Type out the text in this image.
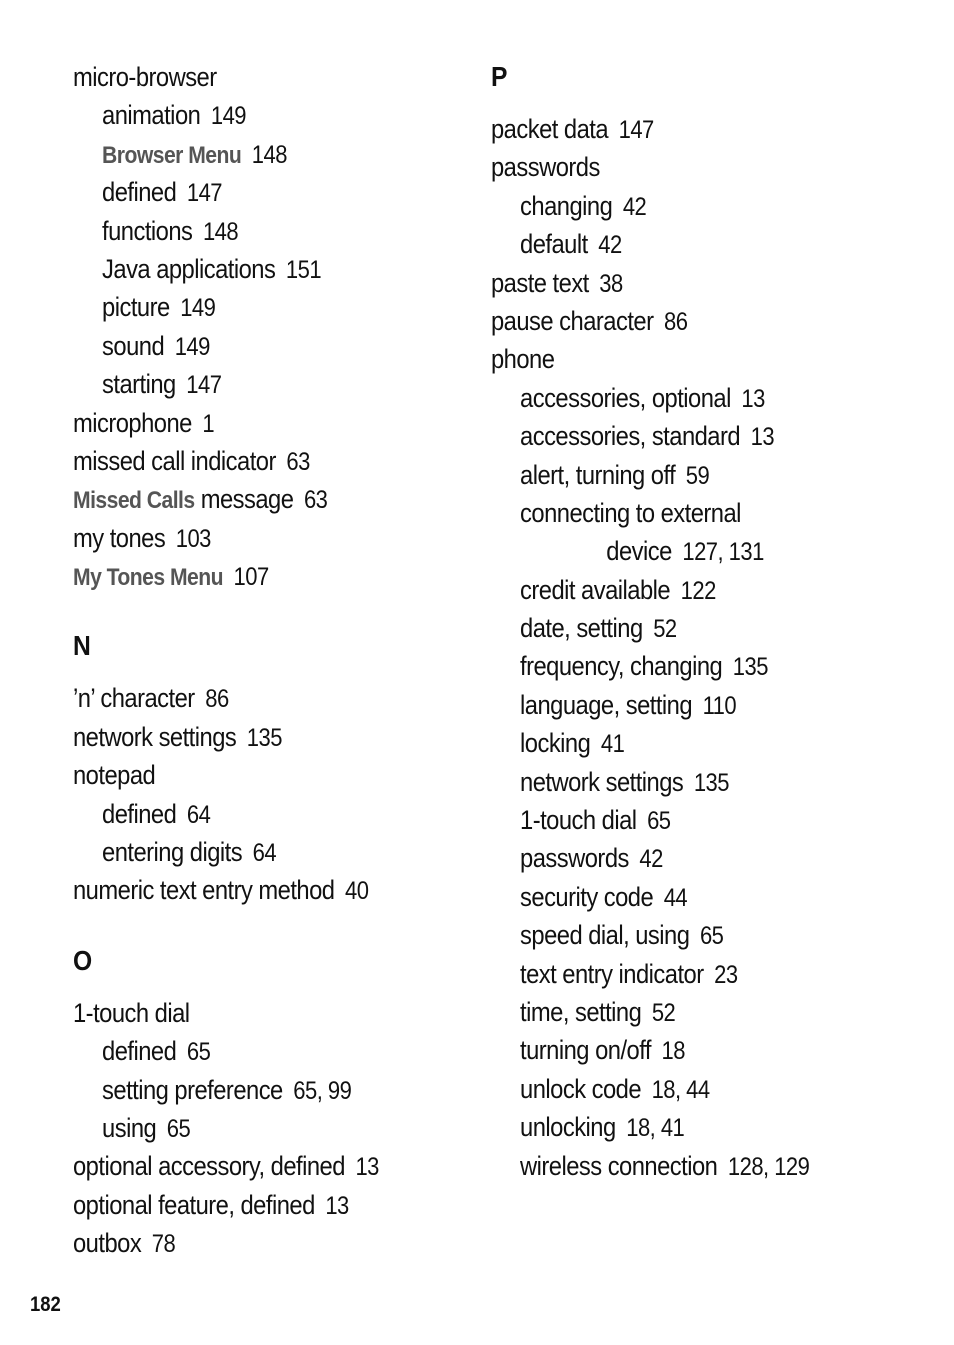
micro-browser
animation 149
Browser Menu 148
defined 147
functions 148
Java applications 151
picture 149
sound 149
starting 147
microphone 1
missed call indicator 63
Missed Calls message 63
my tones 103
My Tones Menu 107
N
’n’ character 86
network settings 135
notepad
defined 64
entering digits 64
numeric text entry method 40
O
1-touch dial
defined 65
setting preference 65, 99
using 65
optional accessory, defined 13
optional feature, defined 13
outbox 78
P
packet data 147
passwords
changing 42
default 42
paste text 38
pause character 86
phone
accessories, optional 13
accessories, standard 13
alert, turning off 59
connecting to external
device 127, 131
credit available 122
date, setting 52
frequency, changing 135
language, setting 110
locking 41
network settings 135
1-touch dial 65
passwords 42
security code 44
speed dial, using 65
text entry indicator 23
time, setting 52
turning on/off 18
unlock code 18, 44
unlocking 18, 41
wireless connection 128, 129
182
